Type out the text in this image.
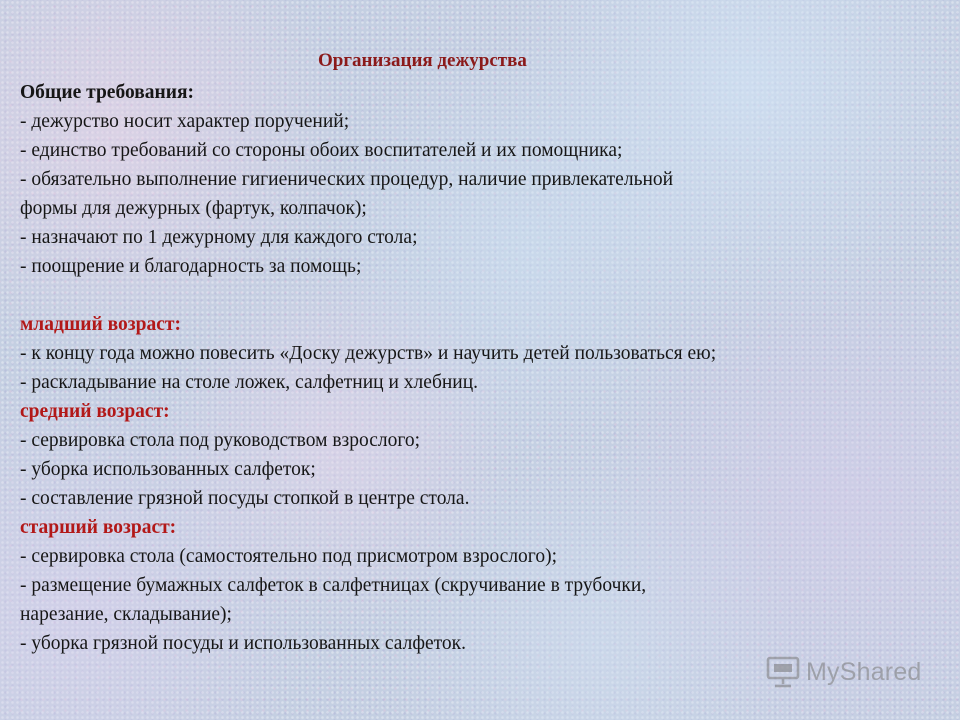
Организация дежурства
Общие требования:
- дежурство носит характер поручений;
- единство требований со стороны обоих воспитателей и их помощника;
- обязательно выполнение гигиенических процедур, наличие привлекательной
формы для дежурных (фартук, колпачок);
- назначают по 1 дежурному для каждого стола;
- поощрение и благодарность за помощь;
младший возраст:
- к концу года можно повесить «Доску дежурств» и научить детей пользоваться ею;
- раскладывание на столе ложек, салфетниц и хлебниц.
средний возраст:
- сервировка стола под руководством взрослого;
- уборка использованных салфеток;
- составление грязной посуды стопкой в центре стола.
старший возраст:
- сервировка стола (самостоятельно под присмотром взрослого);
- размещение бумажных салфеток в салфетницах (скручивание в трубочки,
нарезание, складывание);
- уборка грязной посуды и использованных салфеток.
MyShared
